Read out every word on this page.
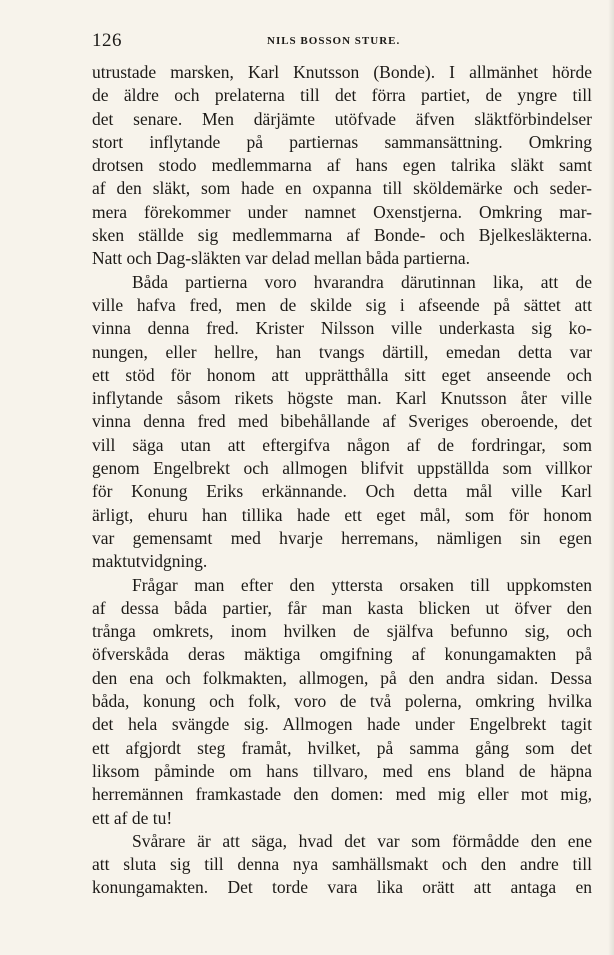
126	NILS BOSSON STURE.
utrustade marsken, Karl Knutsson (Bonde). I allmänhet hörde
de äldre och prelaterna till det förra partiet, de yngre till
det senare. Men därjämte utöfvade äfven släktförbindelser
stort inflytande på partiernas sammansättning. Omkring
drotsen stodo medlemmarna af hans egen talrika släkt samt
af den släkt, som hade en oxpanna till sköldemärke och seder-
mera förekommer under namnet Oxenstjerna. Omkring mar-
sken ställde sig medlemmarna af Bonde- och Bjelkesläkterna.
Natt och Dag-släkten var delad mellan båda partierna.
Båda partierna voro hvarandra därutinnan lika, att de
ville hafva fred, men de skilde sig i afseende på sättet att
vinna denna fred. Krister Nilsson ville underkasta sig ko-
nungen, eller hellre, han tvangs därtill, emedan detta var
ett stöd för honom att upprätthålla sitt eget anseende och
inflytande såsom rikets högste man. Karl Knutsson åter ville
vinna denna fred med bibehållande af Sveriges oberoende, det
vill säga utan att eftergifva någon af de fordringar, som
genom Engelbrekt och allmogen blifvit uppställda som villkor
för Konung Eriks erkännande. Och detta mål ville Karl
ärligt, ehuru han tillika hade ett eget mål, som för honom
var gemensamt med hvarje herremans, nämligen sin egen
maktutvidgning.
Frågar man efter den yttersta orsaken till uppkomsten
af dessa båda partier, får man kasta blicken ut öfver den
trånga omkrets, inom hvilken de själfva befunno sig, och
öfverskåda deras mäktiga omgifning af konungamakten på
den ena och folkmakten, allmogen, på den andra sidan. Dessa
båda, konung och folk, voro de två polerna, omkring hvilka
det hela svängde sig. Allmogen hade under Engelbrekt tagit
ett afgjordt steg framåt, hvilket, på samma gång som det
liksom påminde om hans tillvaro, med ens bland de häpna
herremännen framkastade den domen: med mig eller mot mig,
ett af de tu!
Svårare är att säga, hvad det var som förmådde den ene
att sluta sig till denna nya samhällsmakt och den andre till
konungamakten. Det torde vara lika orätt att antaga en
